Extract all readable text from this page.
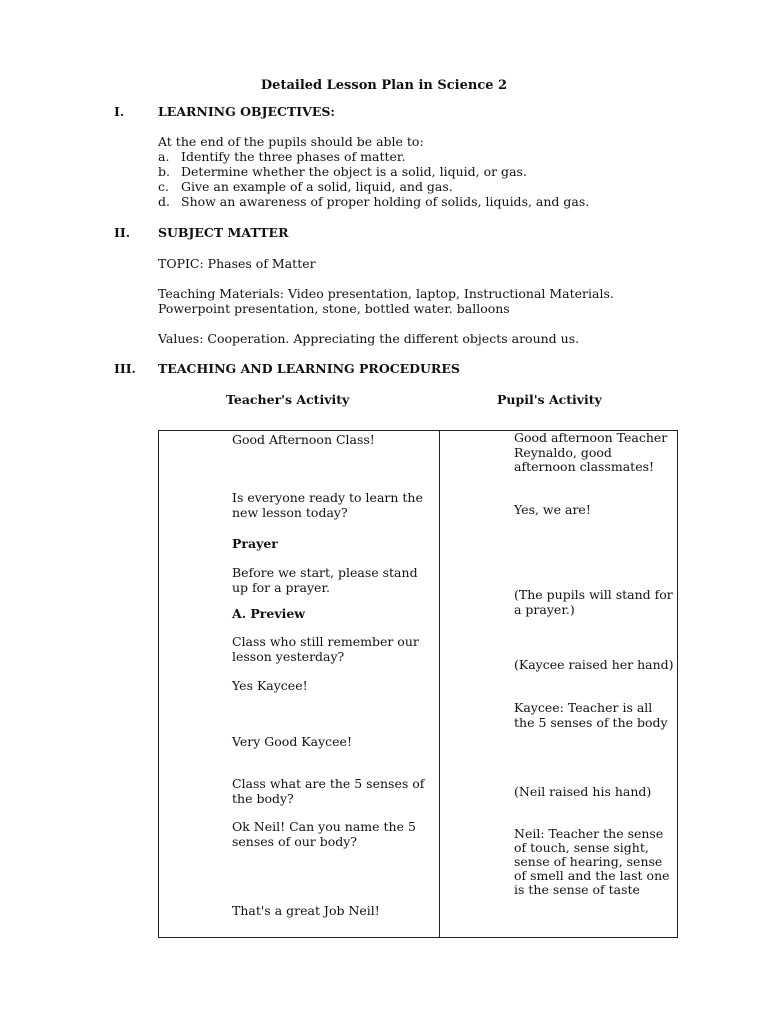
Detailed Lesson Plan in Science 2
I.	LEARNING OBJECTIVES:
At the end of the pupils should be able to:
a. Identify the three phases of matter.
b. Determine whether the object is a solid, liquid, or gas.
c. Give an example of a solid, liquid, and gas.
d. Show an awareness of proper holding of solids, liquids, and gas.
II. SUBJECT MATTER
TOPIC: Phases of Matter
Teaching Materials: Video presentation, laptop, Instructional Materials.
Powerpoint presentation, stone, bottled water. balloons
Values: Cooperation. Appreciating the different objects around us.
III. TEACHING AND LEARNING PROCEDURES
Teacher's Activity	Pupil's Activity
Good Afternoon Class!
Is everyone ready to learn the new lesson today?
Prayer
Before we start, please stand up for a prayer.
A. Preview
Class who still remember our lesson yesterday?
Yes Kaycee!
Very Good Kaycee!
Class what are the 5 senses of the body?
Ok Neil! Can you name the 5 senses of our body?
That's a great Job Neil!
Good afternoon Teacher Reynaldo, good afternoon classmates!
Yes, we are!
(The pupils will stand for a prayer.)
(Kaycee raised her hand)
Kaycee: Teacher is all the 5 senses of the body
(Neil raised his hand)
Neil: Teacher the sense of touch, sense sight, sense of hearing, sense of smell and the last one is the sense of taste
